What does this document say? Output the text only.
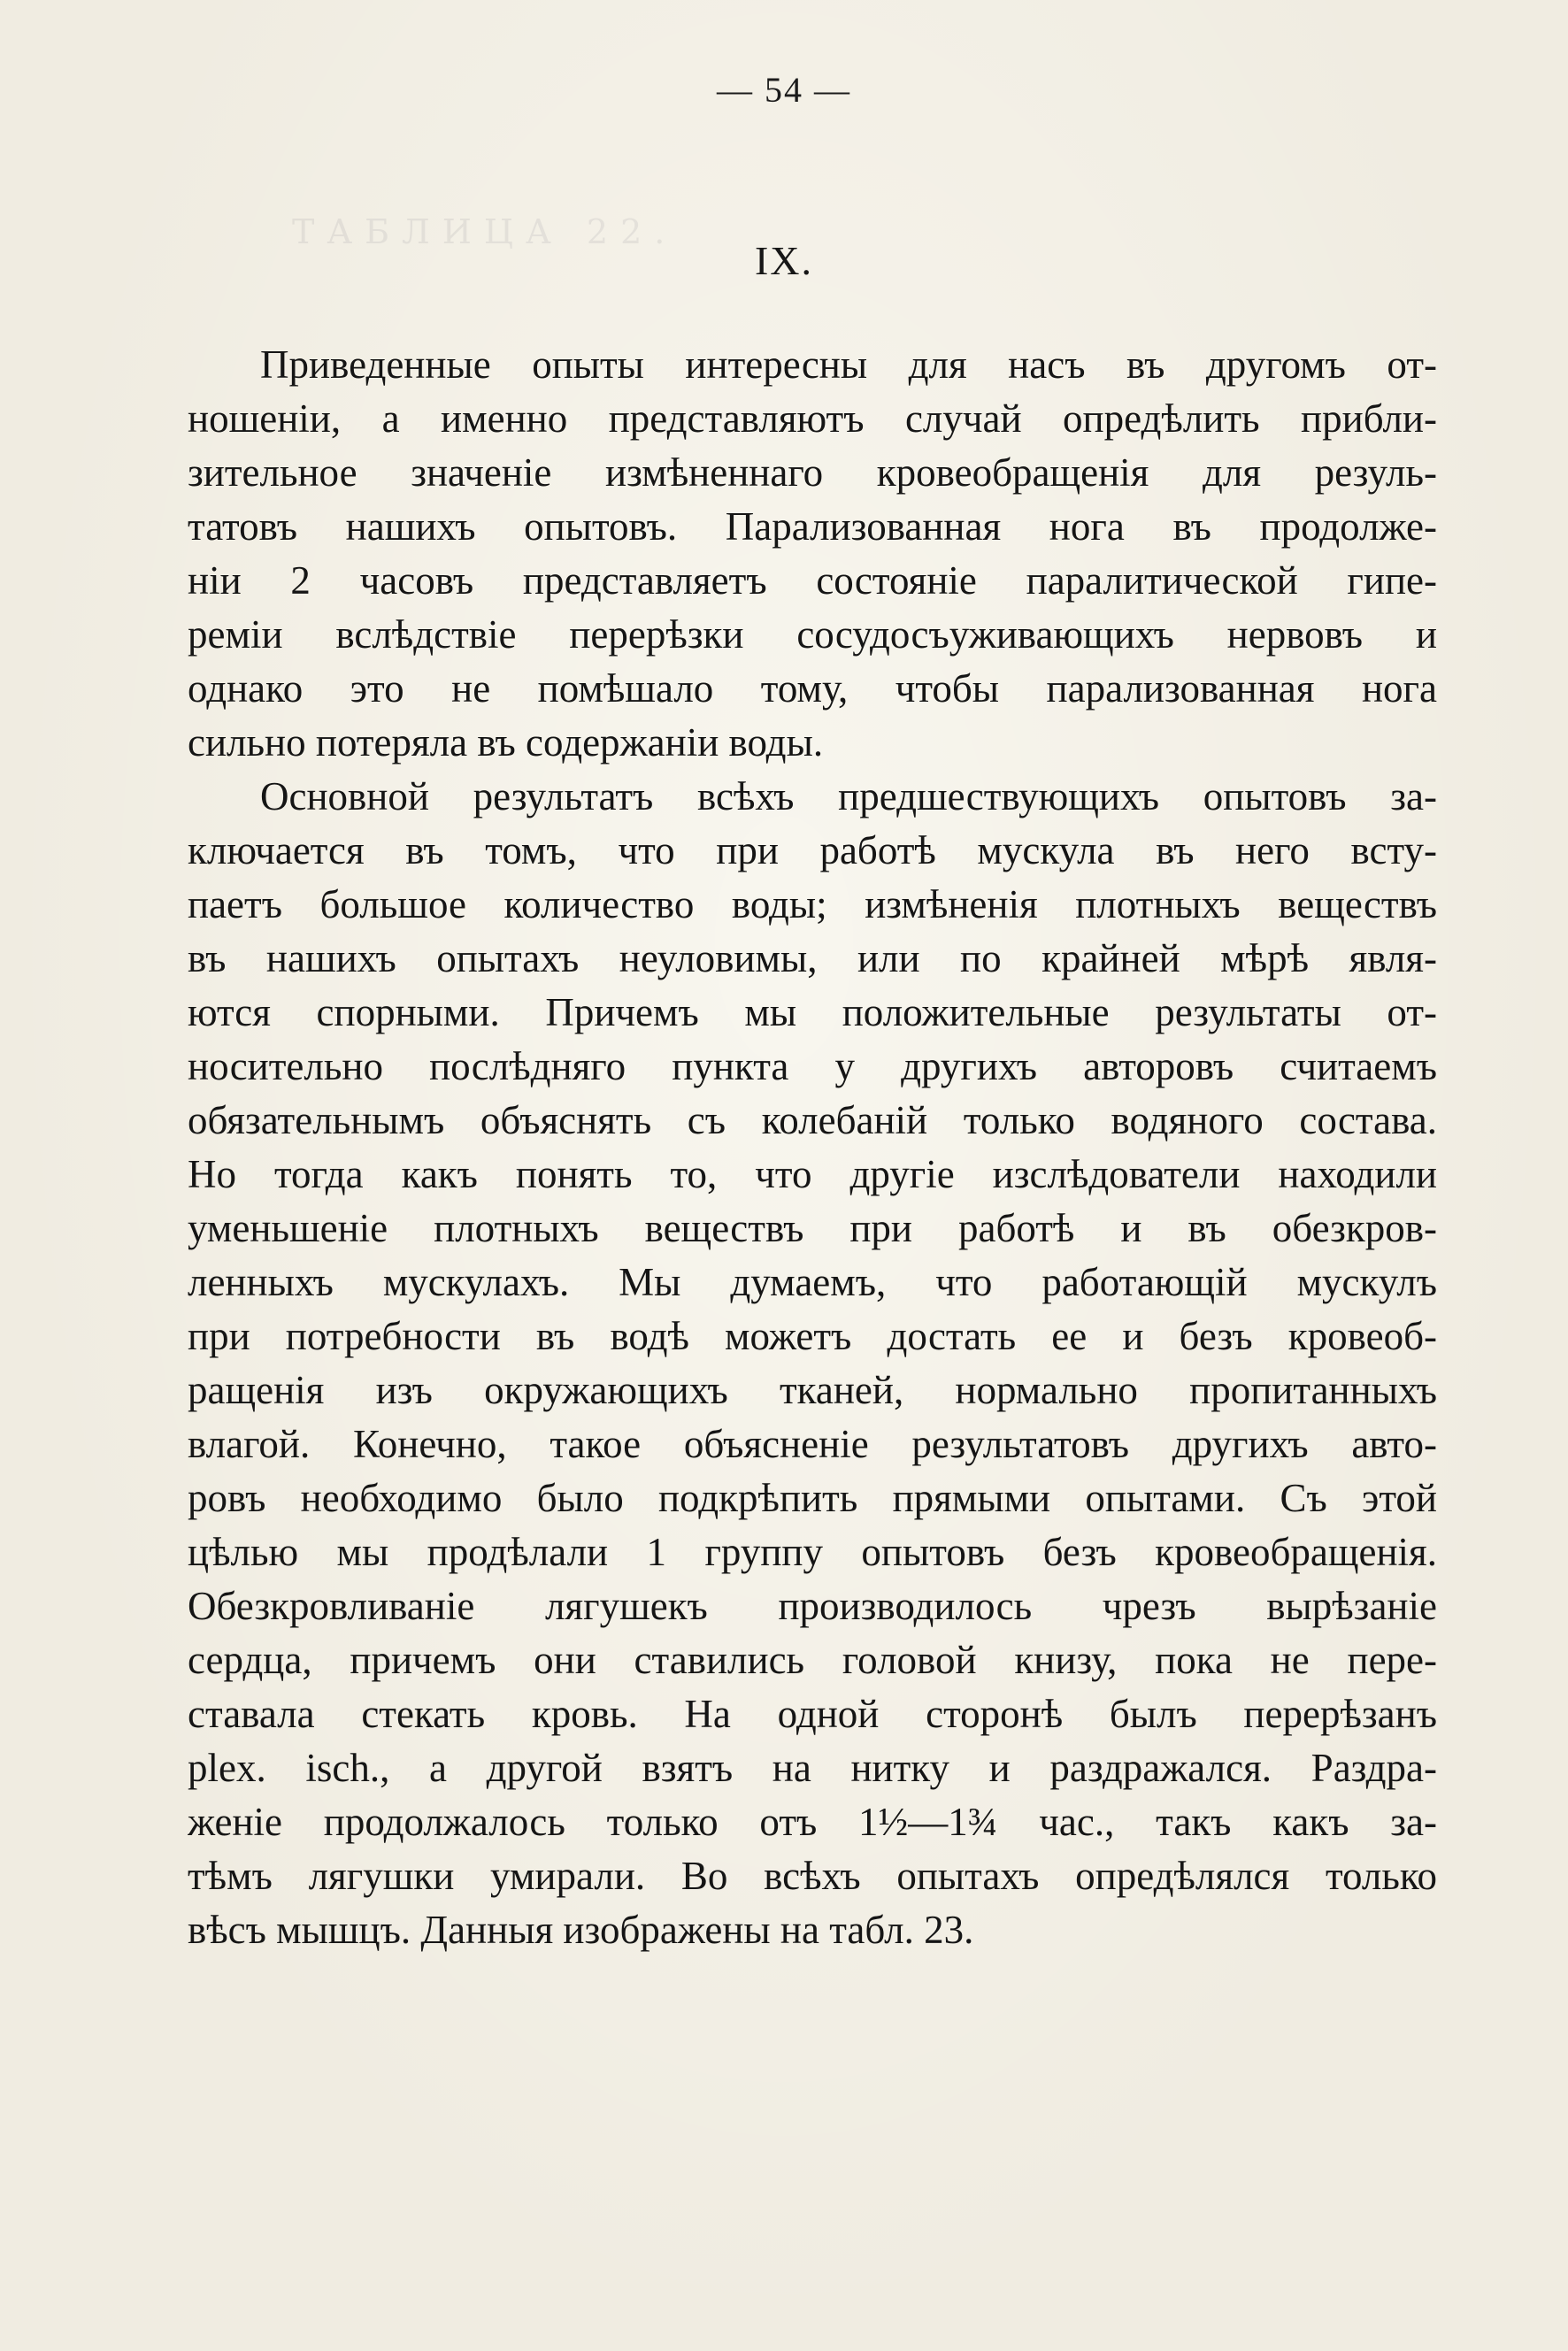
ТАБЛИЦА 22.
— 54 —
IX.
Приведенные опыты интересны для насъ въ другомъ от-
ношеніи, а именно представляютъ случай опредѣлить прибли-
зительное значеніе измѣненнаго кровеобращенія для резуль-
татовъ нашихъ опытовъ. Парализованная нога въ продолже-
ніи 2 часовъ представляетъ состояніе паралитической гипе-
реміи вслѣдствіе перерѣзки сосудосъуживающихъ нервовъ и
однако это не помѣшало тому, чтобы парализованная нога
сильно потеряла въ содержаніи воды.
Основной результатъ всѣхъ предшествующихъ опытовъ за-
ключается въ томъ, что при работѣ мускула въ него всту-
паетъ большое количество воды; измѣненія плотныхъ веществъ
въ нашихъ опытахъ неуловимы, или по крайней мѣрѣ явля-
ются спорными. Причемъ мы положительные результаты от-
носительно послѣдняго пункта у другихъ авторовъ считаемъ
обязательнымъ объяснять съ колебаній только водяного состава.
Но тогда какъ понять то, что другіе изслѣдователи находили
уменьшеніе плотныхъ веществъ при работѣ и въ обезкров-
ленныхъ мускулахъ. Мы думаемъ, что работающій мускулъ
при потребности въ водѣ можетъ достать ее и безъ кровеоб-
ращенія изъ окружающихъ тканей, нормально пропитанныхъ
влагой. Конечно, такое объясненіе результатовъ другихъ авто-
ровъ необходимо было подкрѣпить прямыми опытами. Съ этой
цѣлью мы продѣлали 1 группу опытовъ безъ кровеобращенія.
Обезкровливаніе лягушекъ производилось чрезъ вырѣзаніе
сердца, причемъ они ставились головой книзу, пока не пере-
ставала стекать кровь. На одной сторонѣ былъ перерѣзанъ
plex. isch., а другой взятъ на нитку и раздражался. Раздра-
женіе продолжалось только отъ 1½—1¾ час., такъ какъ за-
тѣмъ лягушки умирали. Во всѣхъ опытахъ опредѣлялся только
вѣсъ мышцъ. Данныя изображены на табл. 23.
